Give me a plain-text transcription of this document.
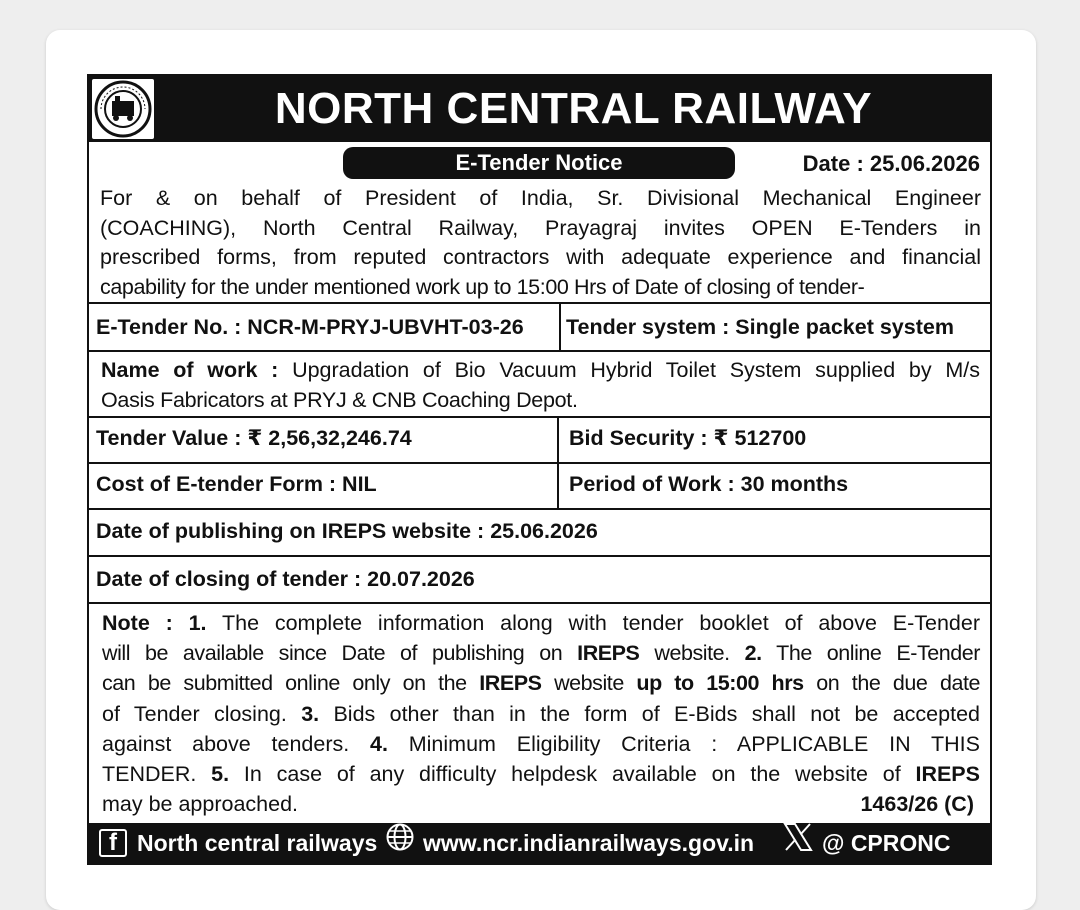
NORTH CENTRAL RAILWAY
E-Tender Notice	Date : 25.06.2026
For & on behalf of President of India, Sr. Divisional Mechanical Engineer
(COACHING), North Central Railway, Prayagraj invites OPEN E-Tenders in
prescribed forms, from reputed contractors with adequate experience and financial
capability for the under mentioned work up to 15:00 Hrs of Date of closing of tender-
E-Tender No. : NCR-M-PRYJ-UBVHT-03-26 Tender system : Single packet system
Name of work : Upgradation of Bio Vacuum Hybrid Toilet System supplied by M/s
Oasis Fabricators at PRYJ & CNB Coaching Depot.
Tender Value : ₹ 2,56,32,246.74	Bid Security : ₹ 512700
Cost of E-tender Form : NIL	Period of Work : 30 months
Date of publishing on IREPS website : 25.06.2026
Date of closing of tender : 20.07.2026
Note : 1. The complete information along with tender booklet of above E-Tender
will be available since Date of publishing on IREPS website. 2. The online E-Tender
can be submitted online only on the IREPS website up to 15:00 hrs on the due date
of Tender closing. 3. Bids other than in the form of E-Bids shall not be accepted
against above tenders. 4. Minimum Eligibility Criteria : APPLICABLE IN THIS
TENDER. 5. In case of any difficulty helpdesk available on the website of IREPS
may be approached.	1463/26 (C)
f North central railways www.ncr.indianrailways.gov.in	@ CPRONC
